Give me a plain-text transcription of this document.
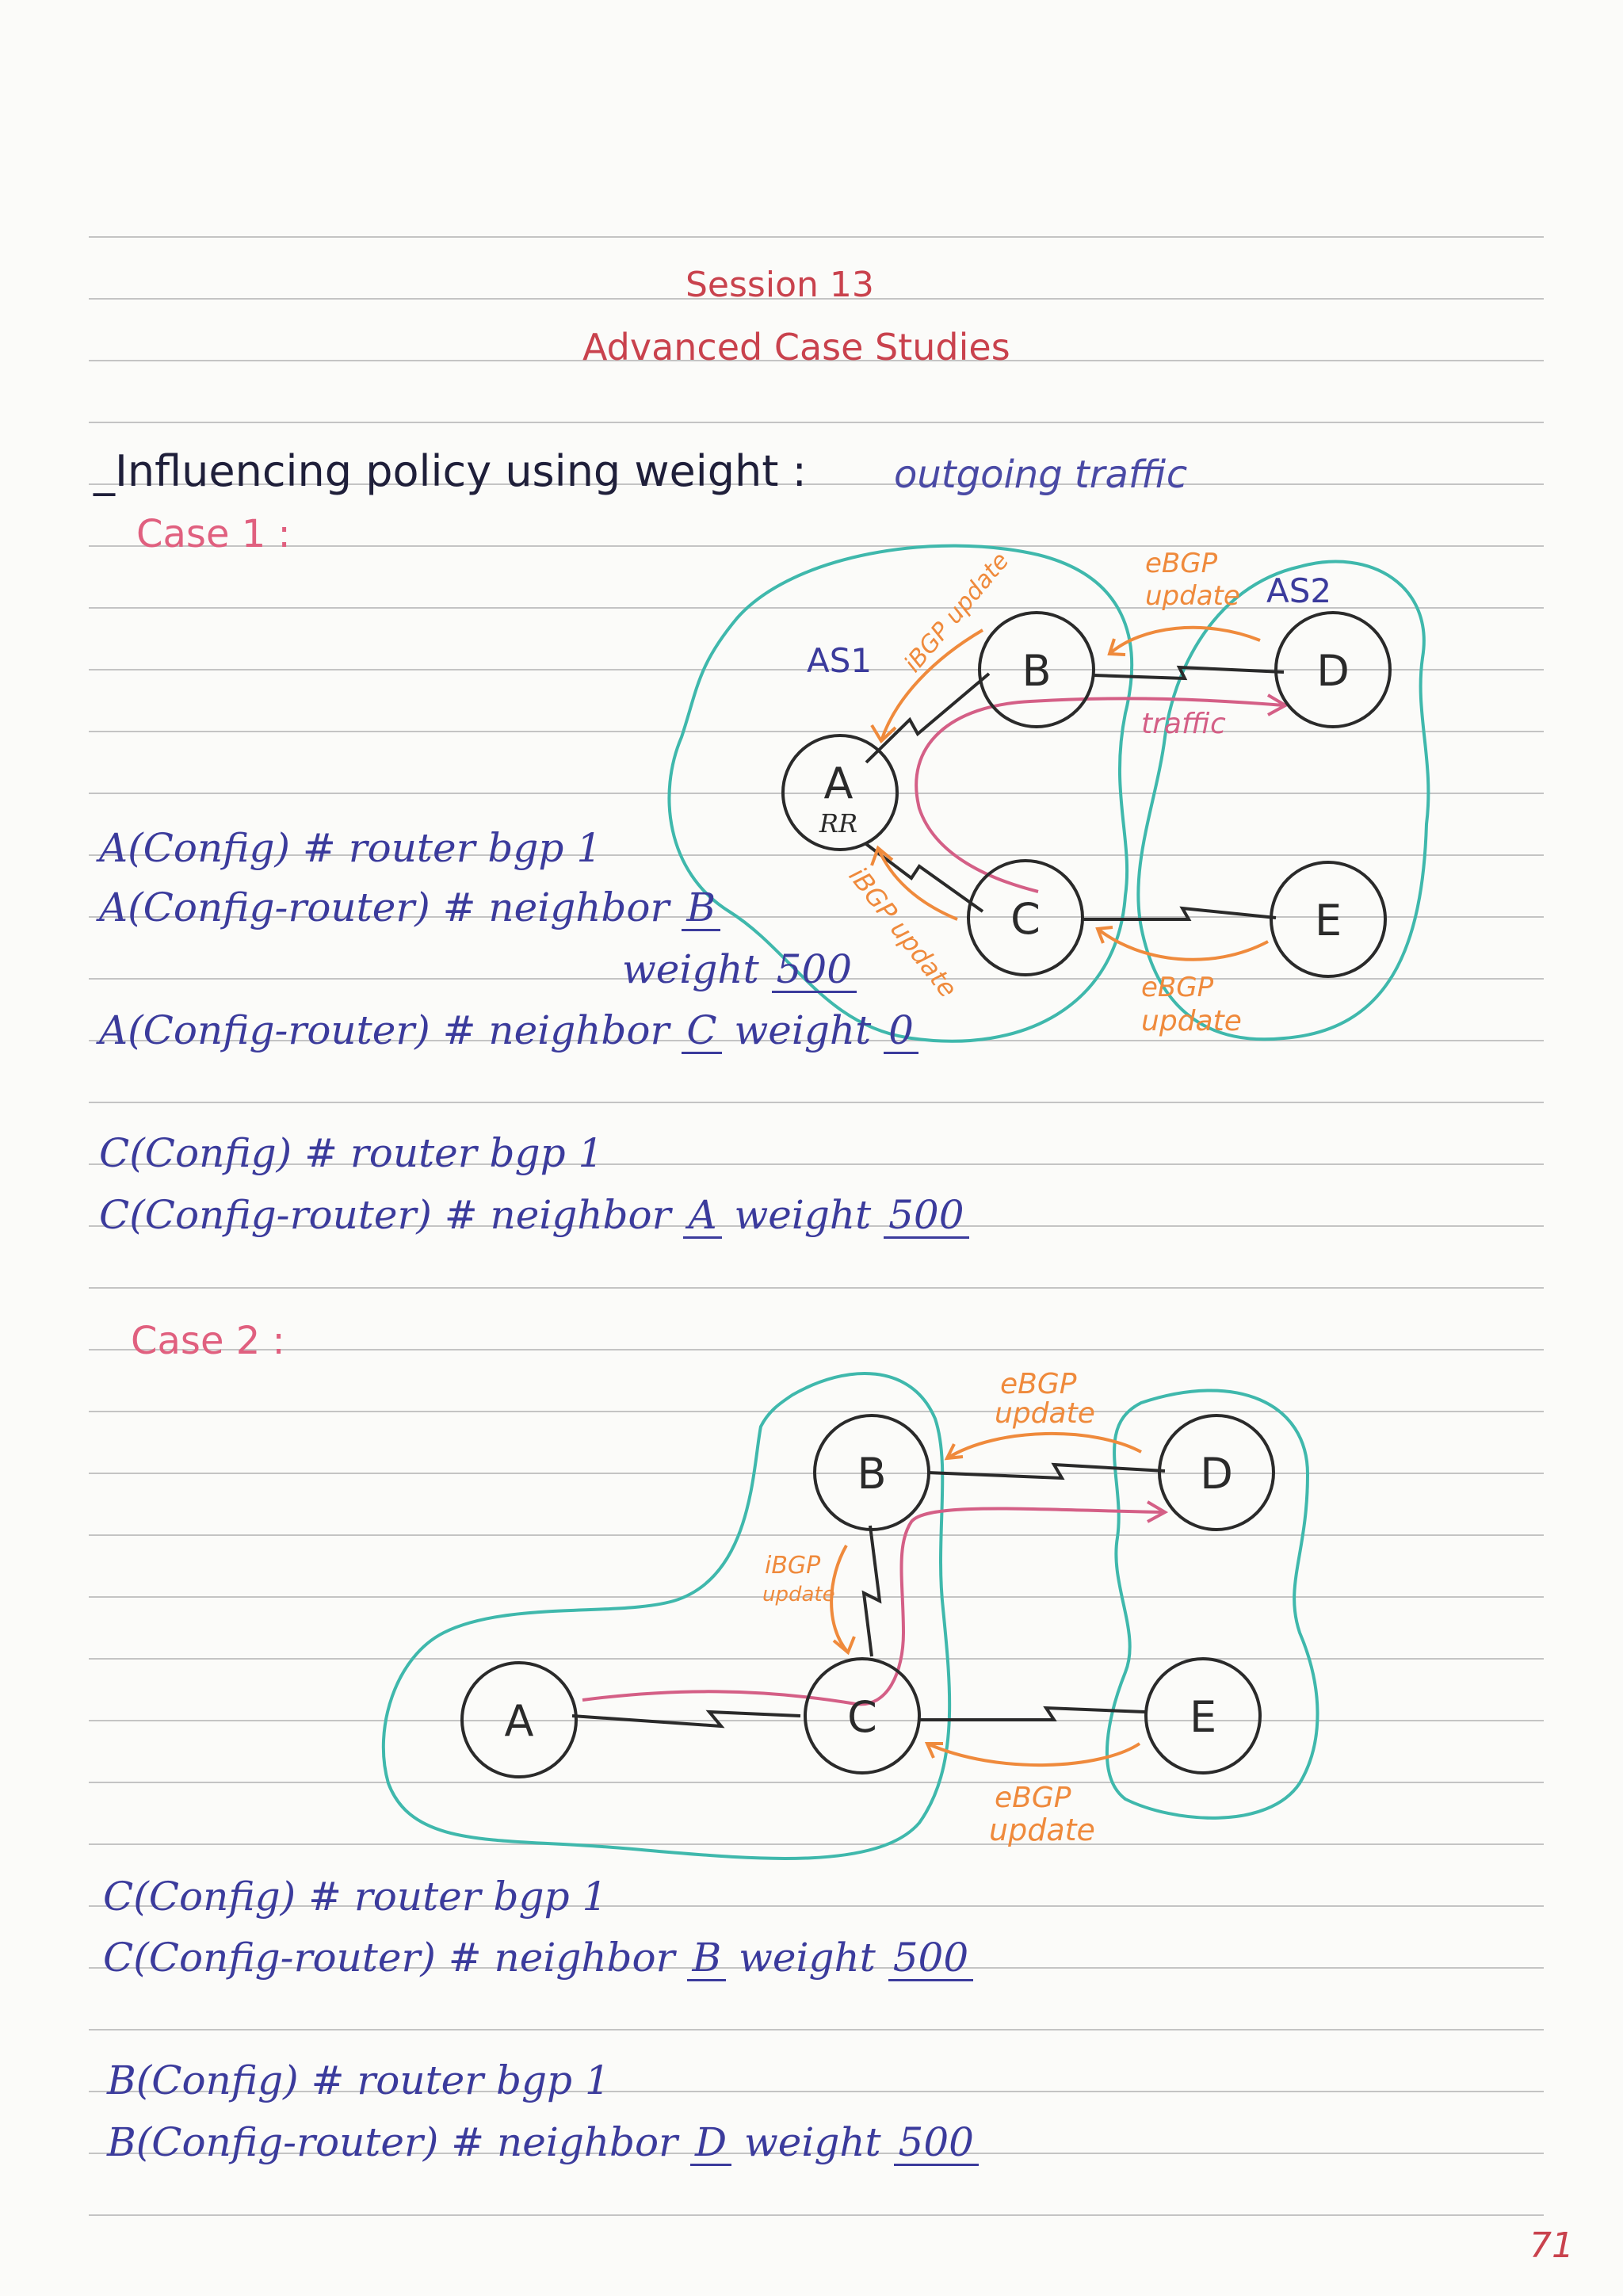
Session 13
Advanced Case Studies
_Influencing policy using weight : outgoing traffic
Case 1 :
A
RR
B
C
D
E
AS1
AS2
iBGP update
iBGP update
eBGP
update
eBGP
update
traffic
A(Config) # router bgp 1
A(Config-router) # neighbor B
weight 500
A(Config-router) # neighbor C weight 0
C(Config) # router bgp 1
C(Config-router) # neighbor A weight 500
Case 2 :
A
B
C
D
E
iBGP
update
eBGP
update
eBGP
update
C(Config) # router bgp 1
C(Config-router) # neighbor B weight 500
B(Config) # router bgp 1
B(Config-router) # neighbor D weight 500
71
